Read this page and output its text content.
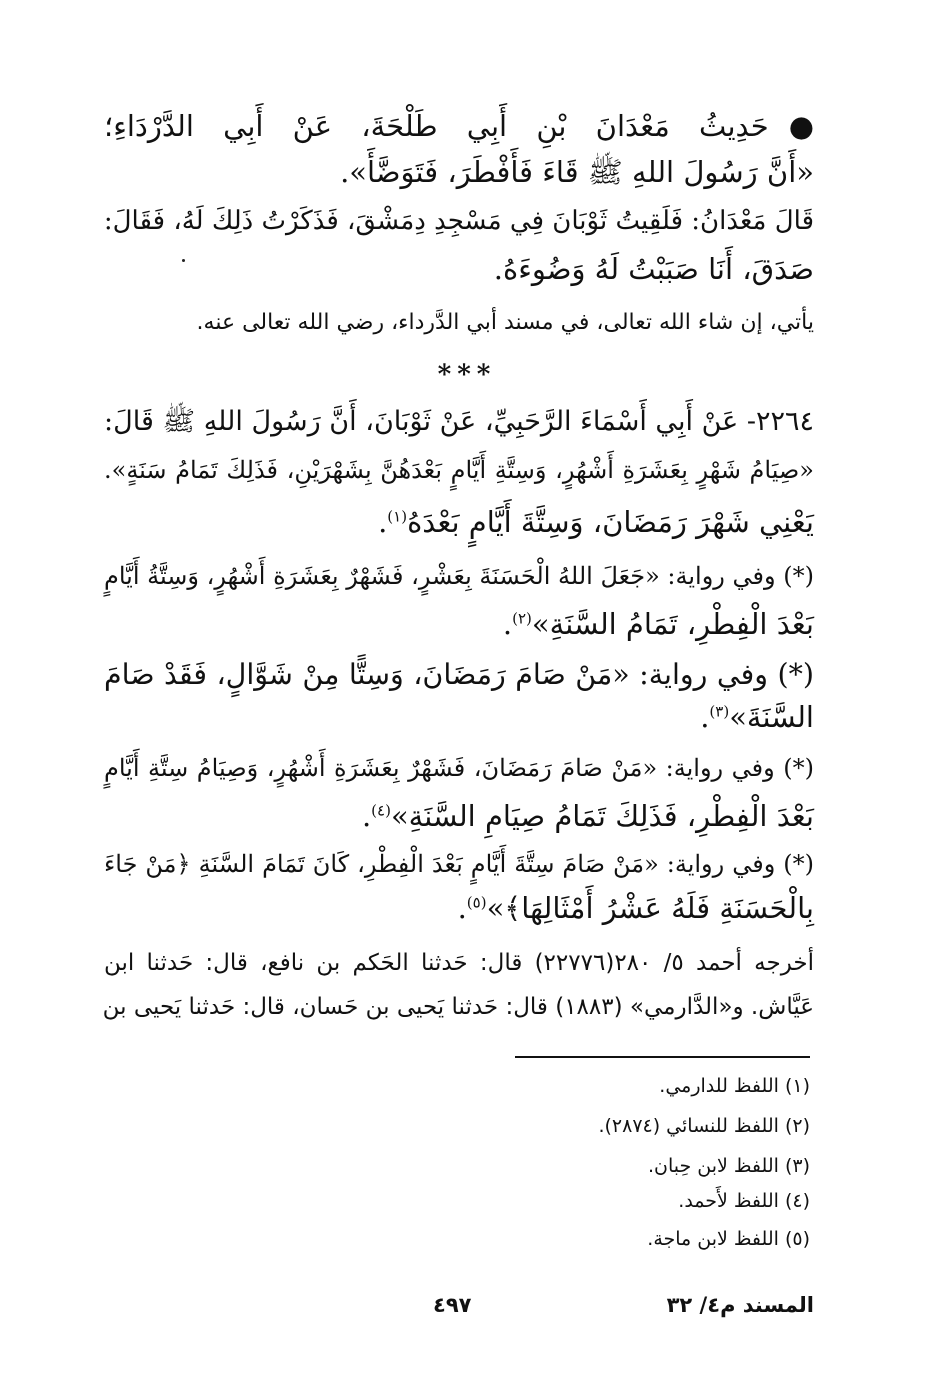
●حَدِيثُ مَعْدَانَ بْنِ أَبِي طَلْحَةَ، عَنْ أَبِي الدَّرْدَاءِ؛
«أَنَّ رَسُولَ اللهِ ﷺ قَاءَ فَأَفْطَرَ، فَتَوَضَّأَ».
قَالَ مَعْدَانُ: فَلَقِيتُ ثَوْبَانَ فِي مَسْجِدِ دِمَشْقَ، فَذَكَرْتُ ذَلِكَ لَهُ، فَقَالَ:
صَدَقَ، أَنَا صَبَبْتُ لَهُ وَضُوءَهُ.
يأتي، إن شاء الله تعالى، في مسند أبي الدَّرداء، رضي الله تعالى عنه.
***
٢٢٦٤- عَنْ أَبِي أَسْمَاءَ الرَّحَبِيِّ، عَنْ ثَوْبَانَ، أَنَّ رَسُولَ اللهِ ﷺ قَالَ:
«صِيَامُ شَهْرٍ بِعَشَرَةِ أَشْهُرٍ، وَسِتَّةِ أَيَّامٍ بَعْدَهُنَّ بِشَهْرَيْنِ، فَذَلِكَ تَمَامُ سَنَةٍ».
يَعْنِي شَهْرَ رَمَضَانَ، وَسِتَّةَ أَيَّامٍ بَعْدَهُ$^{(١)}$.
(*) وفي رواية: «جَعَلَ اللهُ الْحَسَنَةَ بِعَشْرٍ، فَشَهْرٌ بِعَشَرَةِ أَشْهُرٍ، وَسِتَّةُ أَيَّامٍ
بَعْدَ الْفِطْرِ، تَمَامُ السَّنَةِ»$^{(٢)}$.
(*) وفي رواية: «مَنْ صَامَ رَمَضَانَ، وَسِتًّا مِنْ شَوَّالٍ، فَقَدْ صَامَ
السَّنَةَ»$^{(٣)}$.
(*) وفي رواية: «مَنْ صَامَ رَمَضَانَ، فَشَهْرٌ بِعَشَرَةِ أَشْهُرٍ، وَصِيَامُ سِتَّةِ أَيَّامٍ
بَعْدَ الْفِطْرِ، فَذَلِكَ تَمَامُ صِيَامِ السَّنَةِ»$^{(٤)}$.
(*) وفي رواية: «مَنْ صَامَ سِتَّةَ أَيَّامٍ بَعْدَ الْفِطْرِ، كَانَ تَمَامَ السَّنَةِ ﴿مَنْ جَاءَ
بِالْحَسَنَةِ فَلَهُ عَشْرُ أَمْثَالِهَا﴾»$^{(٥)}$.
أخرجه أحمد ٥/ ٢٨٠(٢٢٧٧٦) قال: حَدثنا الحَكم بن نافع، قال: حَدثنا ابن
عَيَّاش. و«الدَّارمي» (١٨٨٣) قال: حَدثنا يَحيى بن حَسان، قال: حَدثنا يَحيى بن
(١) اللفظ للدارمي.
(٢) اللفظ للنسائي (٢٨٧٤).
(٣) اللفظ لابن حِبان.
(٤) اللفظ لأَحمد.
(٥) اللفظ لابن ماجة.
المسند م٤/ ٣٢
٤٩٧
